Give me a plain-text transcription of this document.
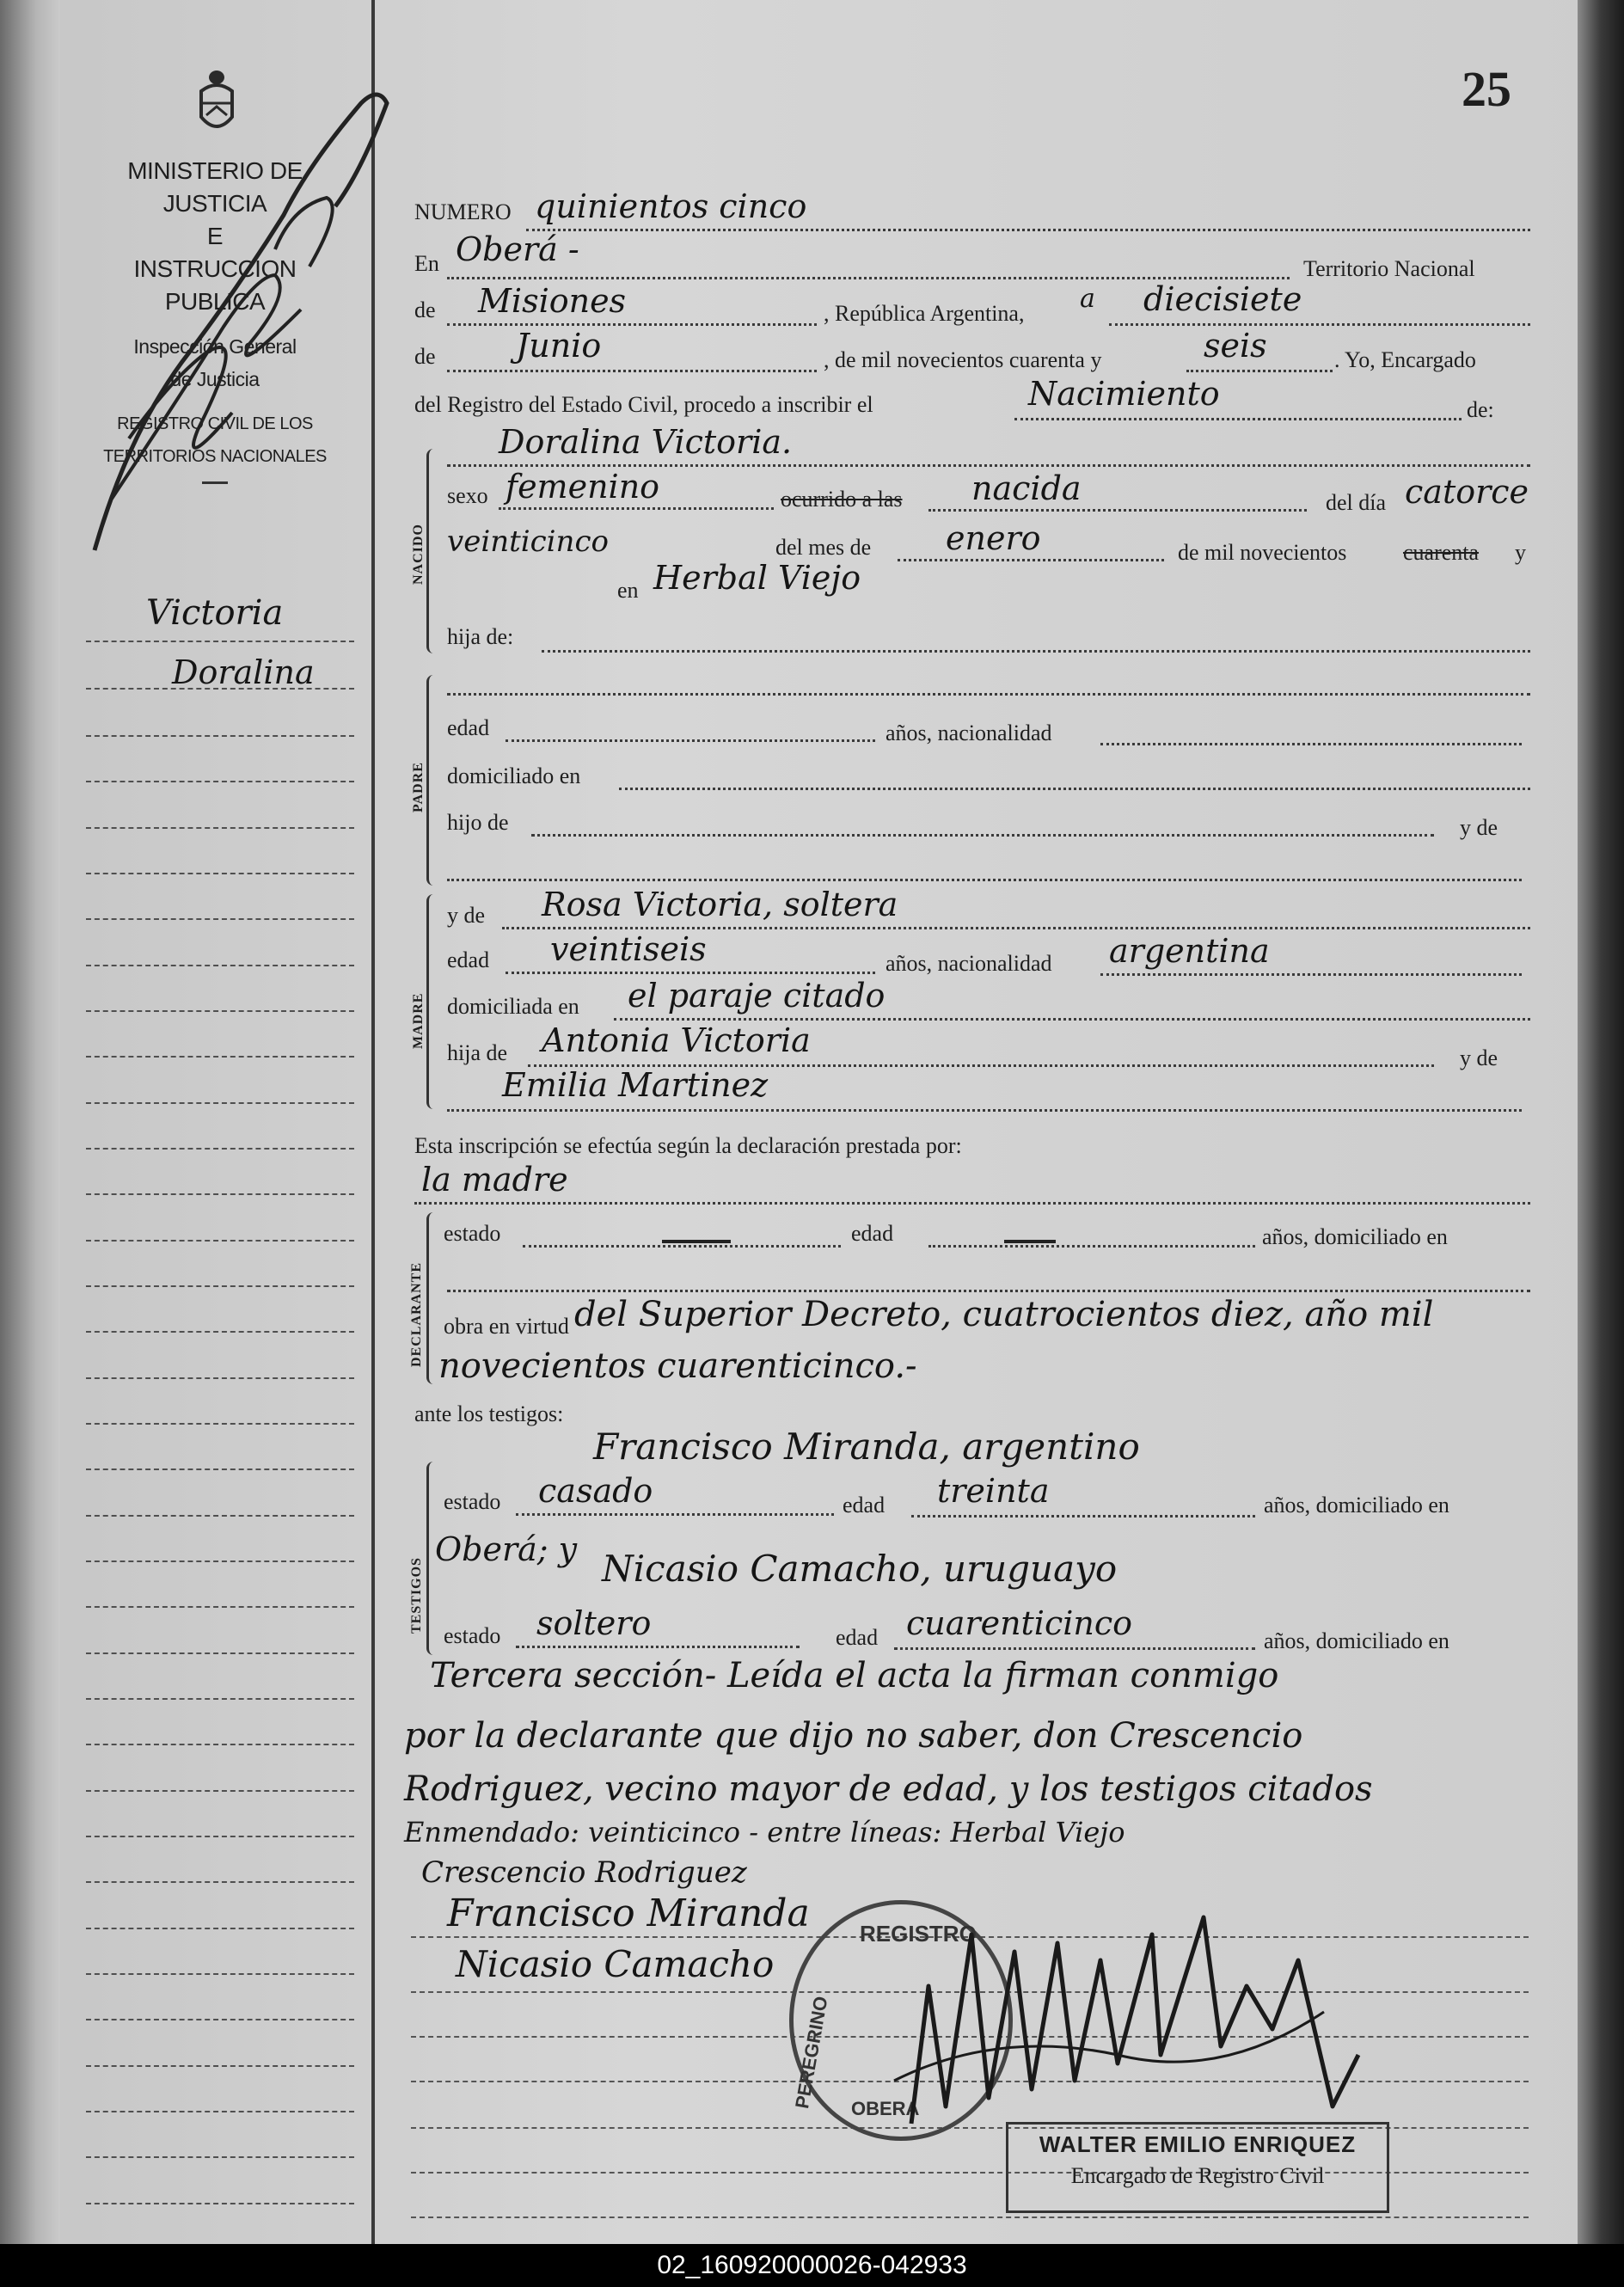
MINISTERIO DE JUSTICIA
E
INSTRUCCION PUBLICA
Inspección General
de Justicia
REGISTRO CIVIL DE LOS
TERRITORIOS NACIONALES
25
Victoria
Doralina
NUMERO quinientos cinco
En Oberá -
Territorio Nacional
de Misiones	, República Argentina, a diecisiete
de Junio	, de mil novecientos cuarenta y	seis	. Yo, Encargado
del Registro del Estado Civil, procedo a inscribir el	Nacimiento	de:
Doralina Victoria.
NACIDO
sexo femenino	ocurrido a las nacida	del día catorce
veinticinco	del mes de enero	de mil novecientos	cuarenta y
en Herbal Viejo
hija de:
PADRE
edad	años, nacionalidad
domiciliado en
hijo de	y de
MADRE
y de Rosa Victoria, soltera
edad veintiseis	años, nacionalidad argentina
domiciliada en el paraje citado
hija de Antonia Victoria	y de
Emilia Martinez
Esta inscripción se efectúa según la declaración prestada por:
la madre
DECLARANTE
estado	edad	años, domiciliado en
obra en virtud del Superior Decreto, cuatrocientos diez, año mil
novecientos cuarenticinco.-
ante los testigos:
Francisco Miranda, argentino
TESTIGOS
estado casado	edad treinta	años, domiciliado en
Oberá; y Nicasio Camacho, uruguayo
estado soltero	edad cuarenticinco	años, domiciliado en
Tercera sección- Leída el acta la firman conmigo
por la declarante que dijo no saber, don Crescencio
Rodriguez, vecino mayor de edad, y los testigos citados
Enmendado: veinticinco - entre líneas: Herbal Viejo
Crescencio Rodriguez
Francisco Miranda
Nicasio Camacho
REGISTRO
PEREGRINO OBERA
WALTER EMILIO ENRIQUEZ
Encargado de Registro Civil
02_160920000026-042933
